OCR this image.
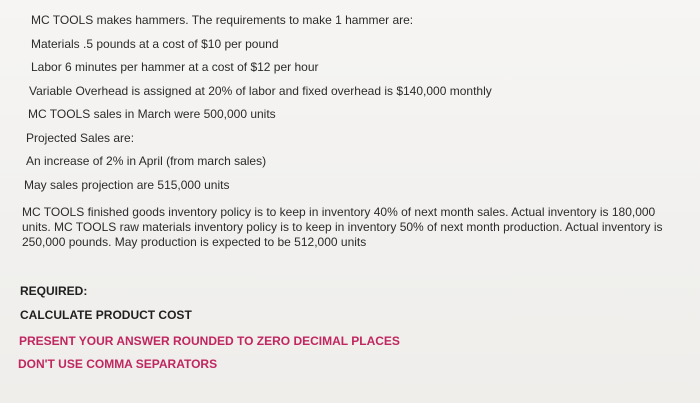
MC TOOLS makes hammers. The requirements to make 1 hammer are:
Materials .5 pounds at a cost of $10 per pound
Labor 6 minutes per hammer at a cost of $12 per hour
Variable Overhead is assigned at 20% of labor and fixed overhead is $140,000 monthly
MC TOOLS sales in March were 500,000 units
Projected Sales are:
An increase of 2% in April (from march sales)
May sales projection are 515,000 units
MC TOOLS finished goods inventory policy is to keep in inventory 40% of next month sales. Actual inventory is 180,000 units. MC TOOLS raw materials inventory policy is to keep in inventory 50% of next month production. Actual inventory is 250,000 pounds. May production is expected to be 512,000 units
REQUIRED:
CALCULATE PRODUCT COST
PRESENT YOUR ANSWER ROUNDED TO ZERO DECIMAL PLACES
DON'T USE COMMA SEPARATORS
